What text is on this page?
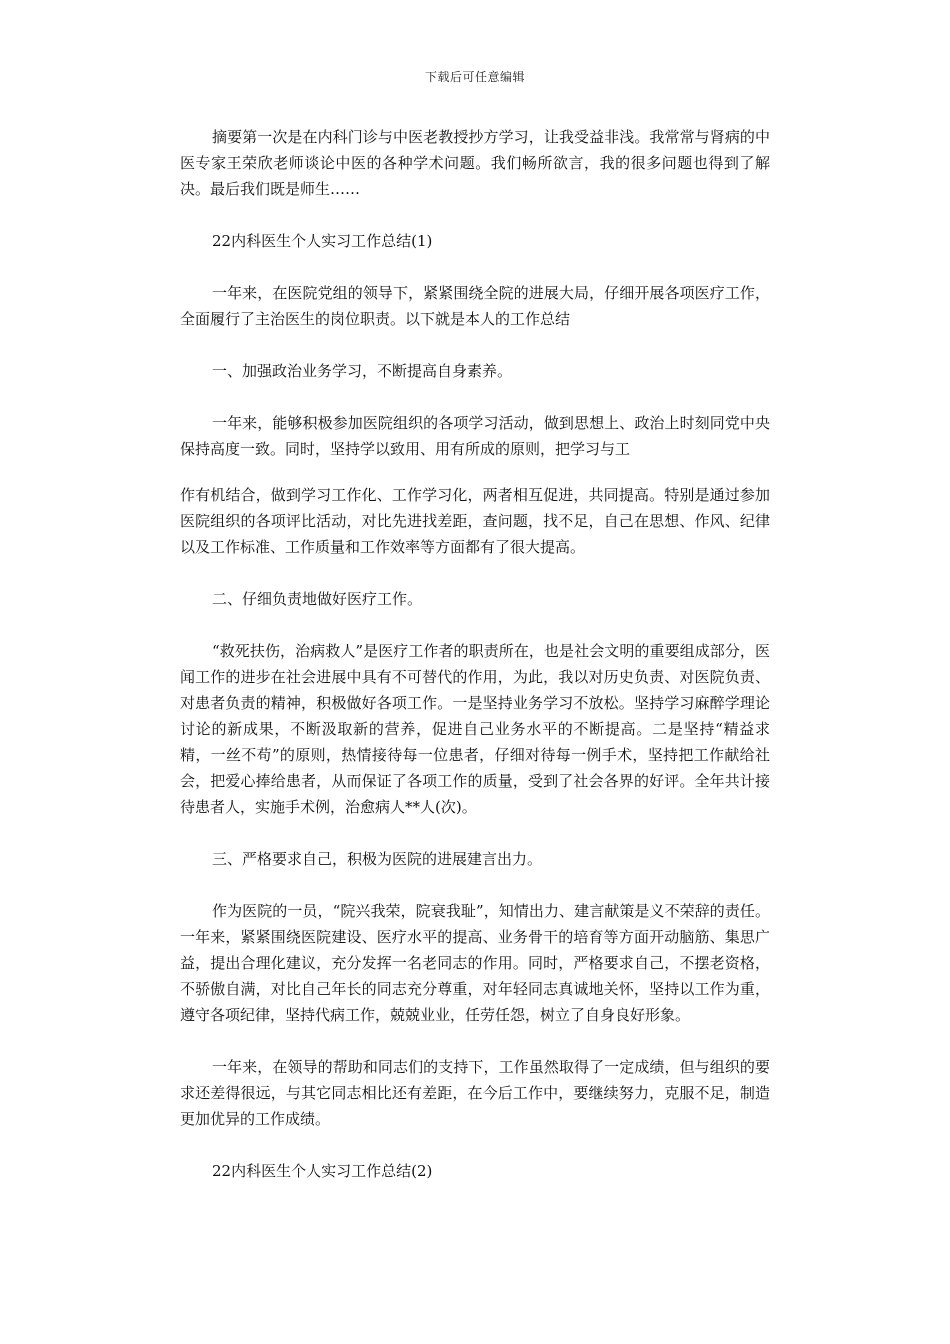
下载后可任意编辑

摘要第一次是在内科门诊与中医老教授抄方学习，让我受益非浅。我常常与肾病的中医专家王荣欣老师谈论中医的各种学术问题。我们畅所欲言，我的很多问题也得到了解决。最后我们既是师生……

22内科医生个人实习工作总结(1)

一年来，在医院党组的领导下，紧紧围绕全院的进展大局，仔细开展各项医疗工作，全面履行了主治医生的岗位职责。以下就是本人的工作总结

一、加强政治业务学习，不断提高自身素养。

一年来，能够积极参加医院组织的各项学习活动，做到思想上、政治上时刻同党中央保持高度一致。同时，坚持学以致用、用有所成的原则，把学习与工

作有机结合，做到学习工作化、工作学习化，两者相互促进，共同提高。特别是通过参加医院组织的各项评比活动，对比先进找差距，查问题，找不足，自己在思想、作风、纪律以及工作标准、工作质量和工作效率等方面都有了很大提高。

二、仔细负责地做好医疗工作。

“救死扶伤，治病救人”是医疗工作者的职责所在，也是社会文明的重要组成部分，医闻工作的进步在社会进展中具有不可替代的作用，为此，我以对历史负责、对医院负责、对患者负责的精神，积极做好各项工作。一是坚持业务学习不放松。坚持学习麻醉学理论讨论的新成果，不断汲取新的营养，促进自己业务水平的不断提高。二是坚持“精益求精，一丝不苟”的原则，热情接待每一位患者，仔细对待每一例手术，坚持把工作献给社会，把爱心捧给患者，从而保证了各项工作的质量，受到了社会各界的好评。全年共计接待患者人，实施手术例，治愈病人**人(次)。

三、严格要求自己，积极为医院的进展建言出力。

作为医院的一员，“院兴我荣，院衰我耻”，知情出力、建言献策是义不荣辞的责任。一年来，紧紧围绕医院建设、医疗水平的提高、业务骨干的培育等方面开动脑筋、集思广益，提出合理化建议，充分发挥一名老同志的作用。同时，严格要求自己，不摆老资格，不骄傲自满，对比自己年长的同志充分尊重，对年轻同志真诚地关怀，坚持以工作为重，遵守各项纪律，坚持代病工作，兢兢业业，任劳任怨，树立了自身良好形象。

一年来，在领导的帮助和同志们的支持下，工作虽然取得了一定成绩，但与组织的要求还差得很远，与其它同志相比还有差距，在今后工作中，要继续努力，克服不足，制造更加优异的工作成绩。

22内科医生个人实习工作总结(2)
